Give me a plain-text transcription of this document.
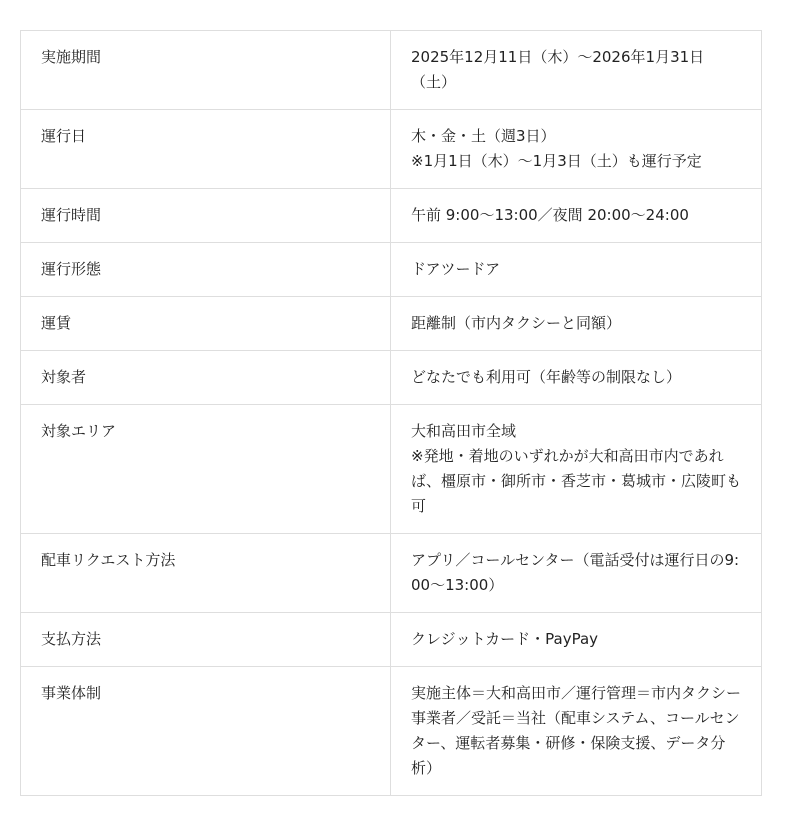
実施期間	2025年12月11日（木）〜2026年1月31日（土）

運行日	木・金・土（週3日）
※1月1日（木）〜1月3日（土）も運行予定

運行時間	午前 9:00〜13:00／夜間 20:00〜24:00

運行形態	ドアツードア

運賃	距離制（市内タクシーと同額）

対象者	どなたでも利用可（年齢等の制限なし）

対象エリア	大和高田市全域
※発地・着地のいずれかが大和高田市内であれば、橿原市・御所市・香芝市・葛城市・広陵町も可

配車リクエスト方法	アプリ／コールセンター（電話受付は運行日の9:00〜13:00）

支払方法	クレジットカード・PayPay

事業体制	実施主体＝大和高田市／運行管理＝市内タクシー事業者／受託＝当社（配車システム、コールセンター、運転者募集・研修・保険支援、データ分析）
